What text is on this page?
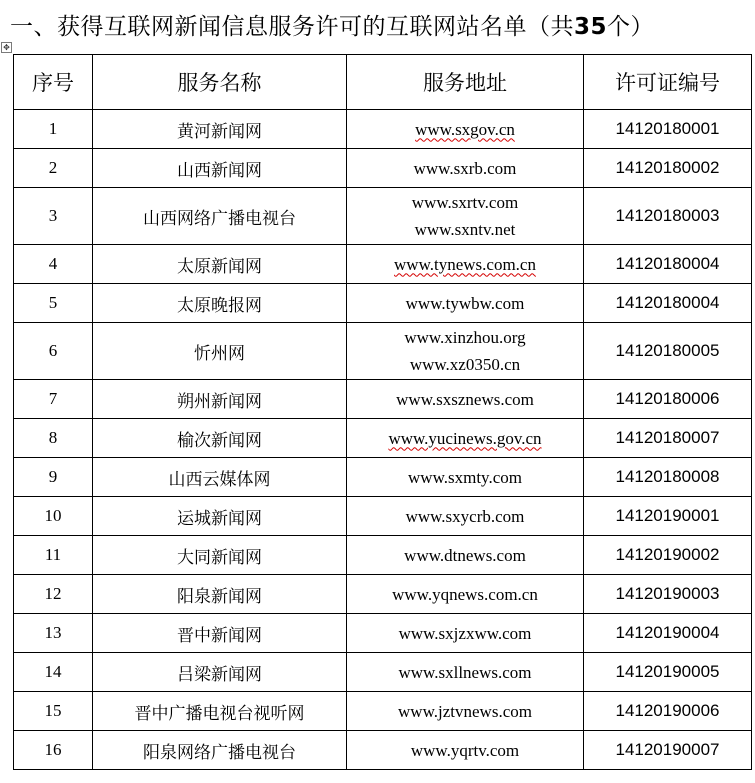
一、获得互联网新闻信息服务许可的互联网站名单（共35个）
✥
序号	服务名称	服务地址	许可证编号
1	黄河新闻网	www.sxgov.cn	14120180001
2	山西新闻网	www.sxrb.com	14120180002
3	山西网络广播电视台	www.sxrtv.com
www.sxntv.net	14120180003
4	太原新闻网	www.tynews.com.cn	14120180004
5	太原晚报网	www.tywbw.com	14120180004
6	忻州网	www.xinzhou.org
www.xz0350.cn	14120180005
7	朔州新闻网	www.sxsznews.com	14120180006
8	榆次新闻网	www.yucinews.gov.cn	14120180007
9	山西云媒体网	www.sxmty.com	14120180008
10	运城新闻网	www.sxycrb.com	14120190001
11	大同新闻网	www.dtnews.com	14120190002
12	阳泉新闻网	www.yqnews.com.cn	14120190003
13	晋中新闻网	www.sxjzxww.com	14120190004
14	吕梁新闻网	www.sxllnews.com	14120190005
15	晋中广播电视台视听网	www.jztvnews.com	14120190006
16	阳泉网络广播电视台	www.yqrtv.com	14120190007
